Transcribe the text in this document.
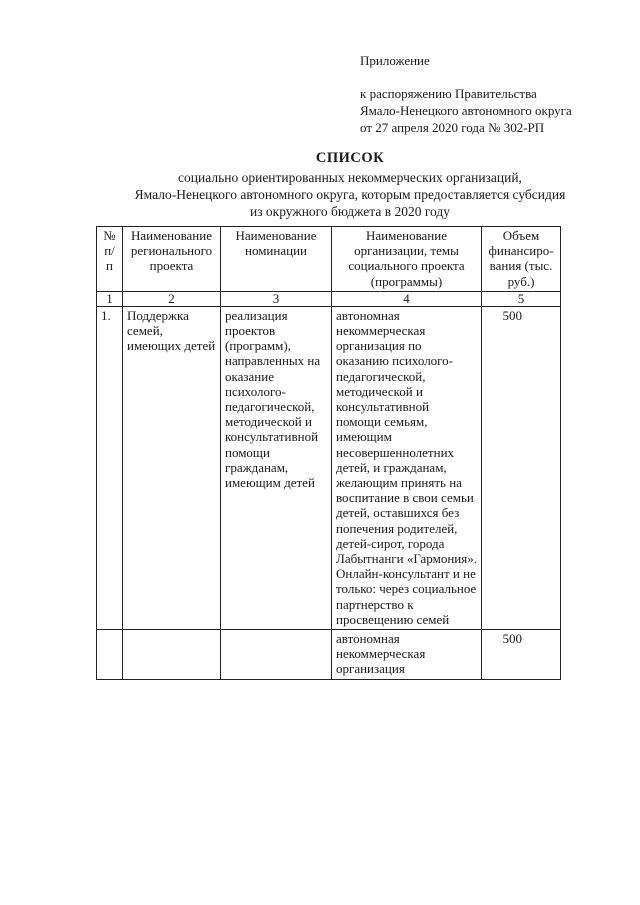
Приложение
к распоряжению Правительства
Ямало-Ненецкого автономного округа
от 27 апреля 2020 года № 302-РП
СПИСОК
социально ориентированных некоммерческих организаций,
Ямало-Ненецкого автономного округа, которым предоставляется субсидия
из окружного бюджета в 2020 году
№ п/п	Наименование регионального проекта	Наименование номинации	Наименование организации, темы социального проекта (программы)	Объем финансиро-вания (тыс. руб.)
1	2	3	4	5
1.	Поддержка семей, имеющих детей	реализация проектов (программ), направленных на оказание психолого-педагогической, методической и консультативной помощи гражданам, имеющим детей	автономная некоммерческая организация по оказанию психолого-педагогической, методической и консультативной помощи семьям, имеющим несовершеннолетних детей, и гражданам, желающим принять на воспитание в свои семьи детей, оставшихся без попечения родителей, детей-сирот, города Лабытнанги «Гармония». Онлайн-консультант и не только: через социальное партнерство к просвещению семей	500
			автономная некоммерческая организация	500
